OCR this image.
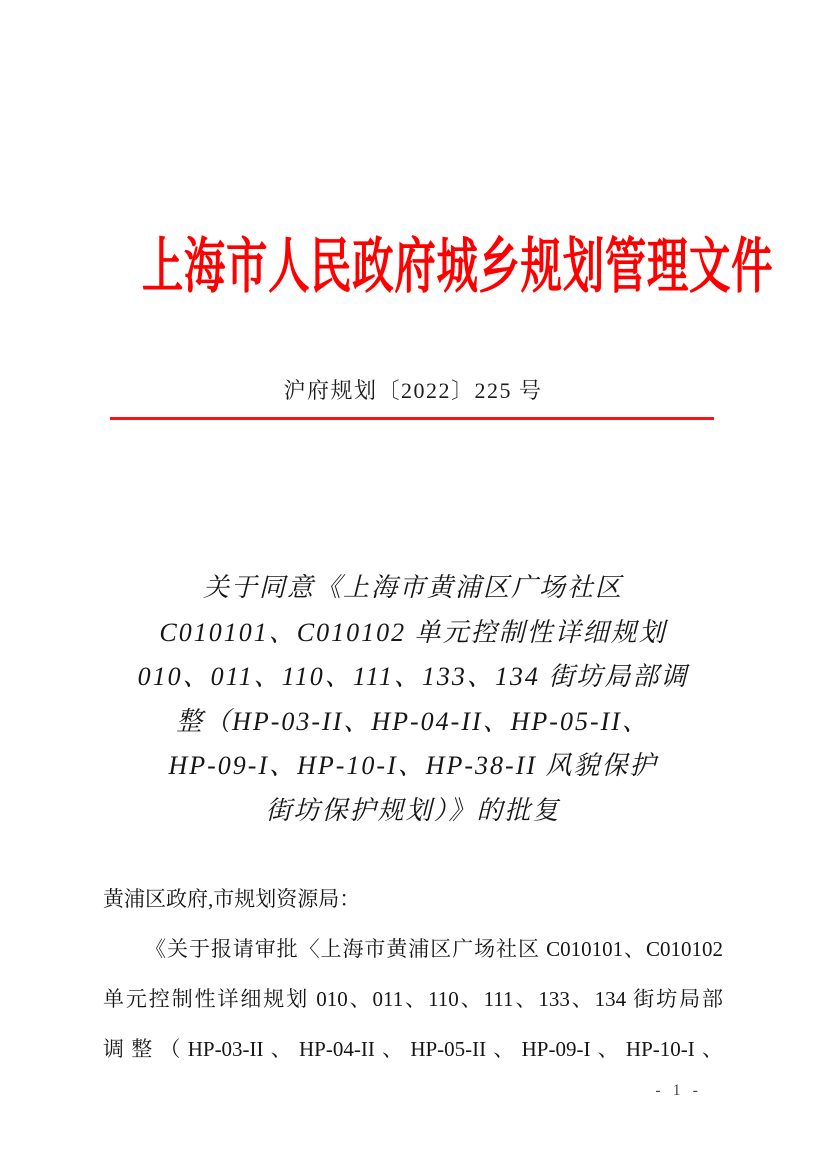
上海市人民政府城乡规划管理文件
沪府规划〔2022〕225 号
关于同意《上海市黄浦区广场社区
C010101、C010102 单元控制性详细规划
010、011、110、111、133、134 街坊局部调
整（HP-03-II、HP-04-II、HP-05-II、
HP-09-I、HP-10-I、HP-38-II 风貌保护
街坊保护规划）》的批复
黄浦区政府,市规划资源局：
《关于报请审批〈上海市黄浦区广场社区 C010101、C010102
单元控制性详细规划 010、011、110、111、133、134 街坊局部
调整（HP-03-II、HP-04-II、HP-05-II、HP-09-I、HP-10-I、
- 1 -
